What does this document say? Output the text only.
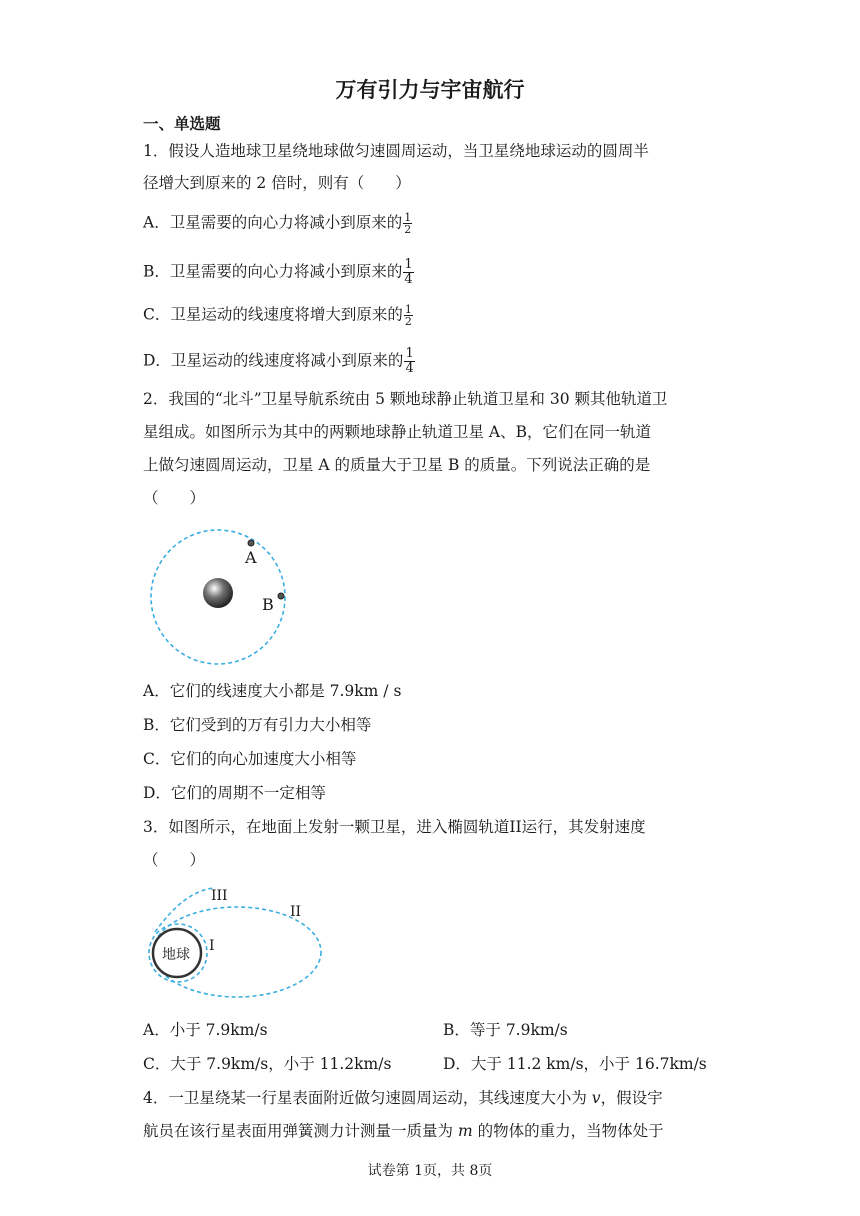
万有引力与宇宙航行
一、单选题
1．假设人造地球卫星绕地球做匀速圆周运动，当卫星绕地球运动的圆周半
径增大到原来的 2 倍时，则有（　　）
A．卫星需要的向心力将减小到原来的 $\frac{1}{2}$
B．卫星需要的向心力将减小到原来的 $\frac{1}{4}$
C．卫星运动的线速度将增大到原来的 $\frac{1}{2}$
D．卫星运动的线速度将减小到原来的 $\frac{1}{4}$
2．我国的“北斗”卫星导航系统由 5 颗地球静止轨道卫星和 30 颗其他轨道卫
星组成。如图所示为其中的两颗地球静止轨道卫星 A、B，它们在同一轨道
上做匀速圆周运动，卫星 A 的质量大于卫星 B 的质量。下列说法正确的是
（　　）
A
B
A．它们的线速度大小都是 7.9km / s
B．它们受到的万有引力大小相等
C．它们的向心加速度大小相等
D．它们的周期不一定相等
3．如图所示，在地面上发射一颗卫星，进入椭圆轨道II运行，其发射速度
（　　）
地球
I
II
III
A．小于 7.9km/s	B．等于 7.9km/s
C．大于 7.9km/s，小于 11.2km/s	D．大于 11.2 km/s，小于 16.7km/s
4．一卫星绕某一行星表面附近做匀速圆周运动，其线速度大小为 v，假设宇
航员在该行星表面用弹簧测力计测量一质量为 m 的物体的重力，当物体处于
试卷第 1页，共 8页
